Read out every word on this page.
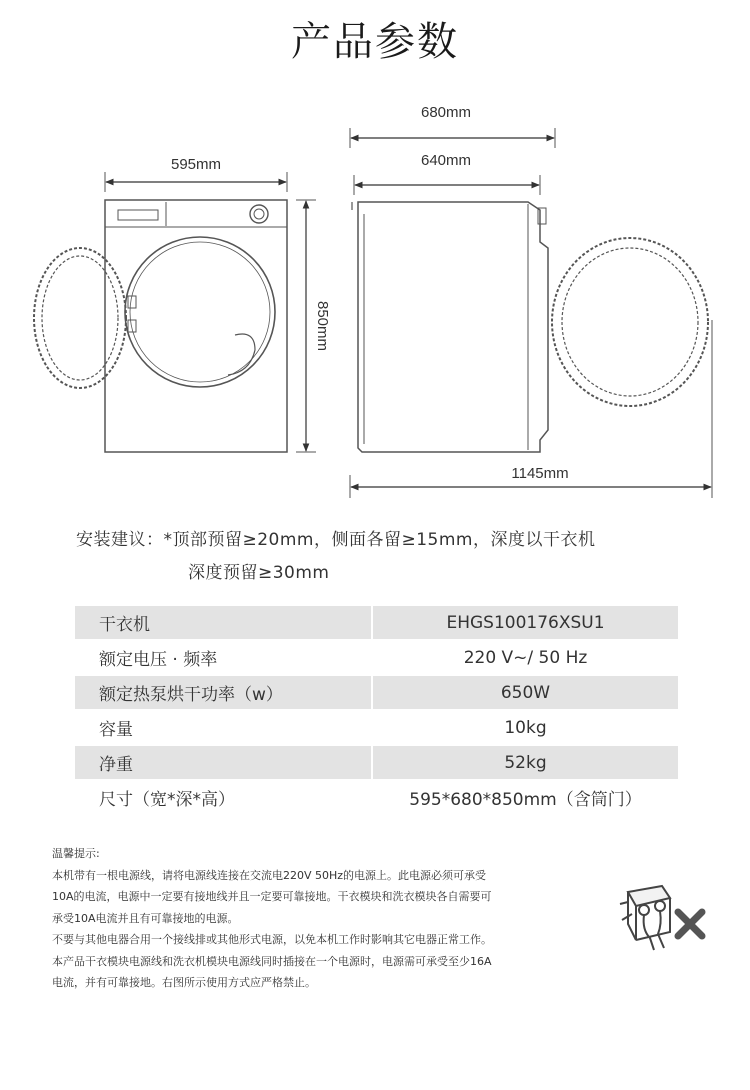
产品参数
595mm
850mm
680mm
640mm
1145mm
安装建议：*顶部预留≥20mm，侧面各留≥15mm，深度以干衣机
深度预留≥30mm
干衣机	EHGS100176XSU1

额定电压 · 频率	220 V~/ 50 Hz

额定热泵烘干功率（w）	650W

容量	10kg

净重	52kg

尺寸（宽*深*高）	595*680*850mm（含筒门）

温馨提示:

本机带有一根电源线，请将电源线连接在交流电220V 50Hz的电源上。此电源必须可承受

10A的电流，电源中一定要有接地线并且一定要可靠接地。干衣模块和洗衣模块各自需要可

承受10A电流并且有可靠接地的电源。

不要与其他电器合用一个接线排或其他形式电源，以免本机工作时影响其它电器正常工作。

本产品干衣模块电源线和洗衣机模块电源线同时插接在一个电源时，电源需可承受至少16A

电流，并有可靠接地。右图所示使用方式应严格禁止。
